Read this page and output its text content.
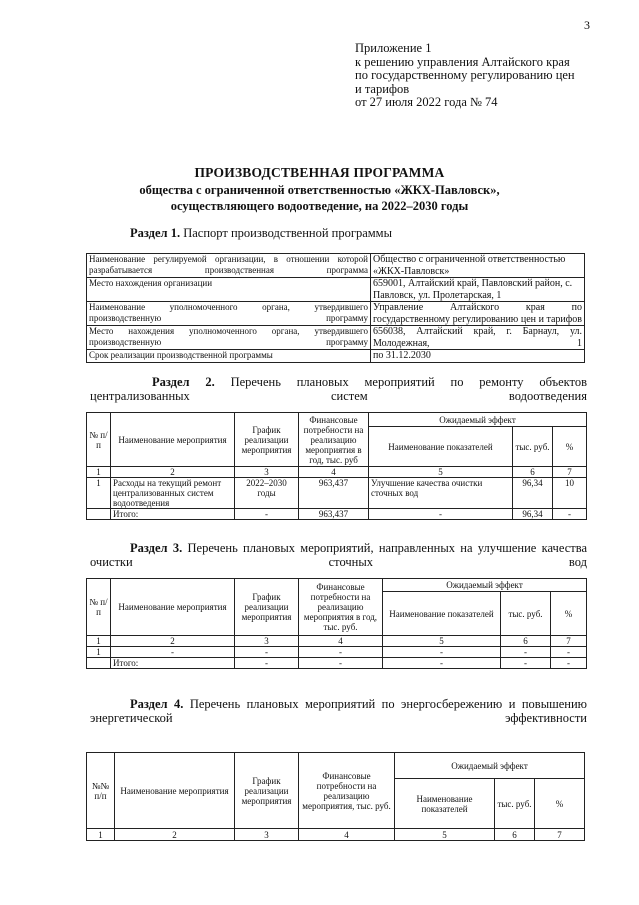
3
Приложение 1
к решению управления Алтайского края
по государственному регулированию цен
и тарифов
от 27 июля 2022 года № 74
ПРОИЗВОДСТВЕННАЯ ПРОГРАММА
общества с ограниченной ответственностью «ЖКХ-Павловск»,
осуществляющего водоотведение, на 2022–2030 годы
Раздел 1. Паспорт производственной программы
Наименование регулируемой организации, в отношении которой разрабатывается производственная программа	Общество с ограниченной ответственностью «ЖКХ-Павловск»
Место нахождения организации	659001, Алтайский край, Павловский район, с. Павловск, ул. Пролетарская, 1
Наименование уполномоченного органа, утвердившего производственную программу	Управление Алтайского края по государственному регулированию цен и тарифов
Место нахождения уполномоченного органа, утвердившего производственную программу	656038, Алтайский край, г. Барнаул, ул. Молодежная, 1
Срок реализации производственной программы	по 31.12.2030
Раздел 2. Перечень плановых мероприятий по ремонту объектов централизованных систем водоотведения
№ п/п	Наименование мероприятия	График реализации мероприятия	Финансовые потребности на реализацию мероприятия в год, тыс. руб	Ожидаемый эффект		
				Наименование показателей	тыс. руб.	%
1	2	3	4	5	6	7
1	Расходы на текущий ремонт централизованных систем водоотведения	2022–2030 годы	963,437	Улучшение качества очистки сточных вод	96,34	10
	Итого:	-	963,437	-	96,34	-
Раздел 3. Перечень плановых мероприятий, направленных на улучшение качества очистки сточных вод
№ п/п	Наименование мероприятия	График реализации мероприятия	Финансовые потребности на реализацию мероприятия в год, тыс. руб.	Ожидаемый эффект		
				Наименование показателей	тыс. руб.	%
1	2	3	4	5	6	7
1	-	-	-	-	-	-
	Итого:	-	-	-	-	-
Раздел 4. Перечень плановых мероприятий по энергосбережению и повышению энергетической эффективности
№№ п/п	Наименование мероприятия	График реализации мероприятия	Финансовые потребности на реализацию мероприятия, тыс. руб.	Ожидаемый эффект		
				Наименование показателей	тыс. руб.	%
1	2	3	4	5	6	7
